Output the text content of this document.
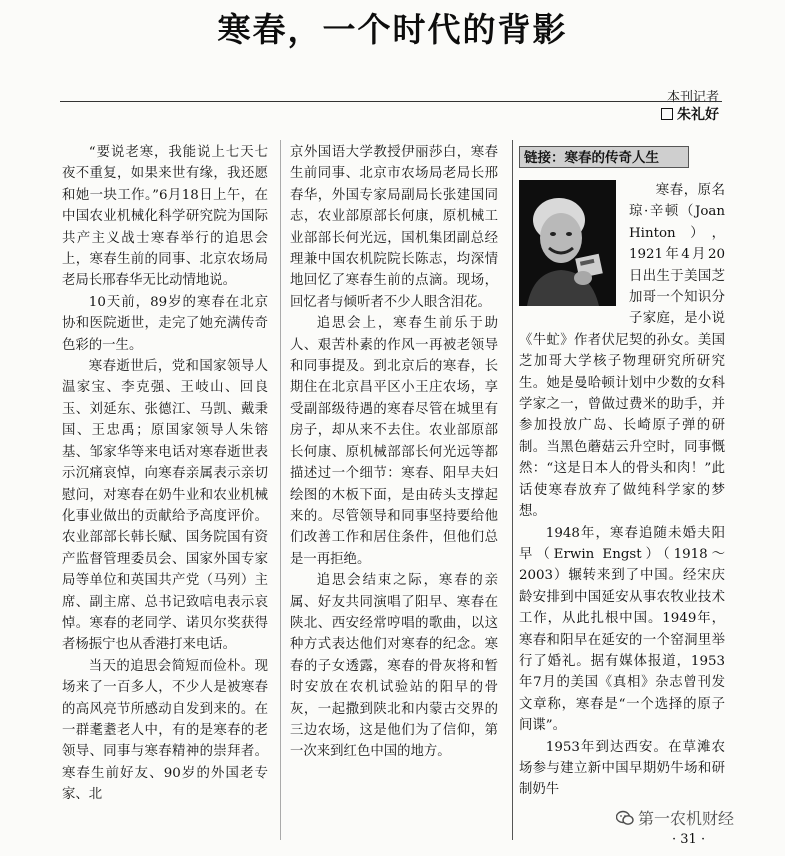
寒春，一个时代的背影
本刊记者
朱礼好

“要说老寒，我能说上七天七夜不重复，如果来世有缘，我还愿和她一块工作。”6月18日上午，在中国农业机械化科学研究院为国际共产主义战士寒春举行的追思会上，寒春生前的同事、北京农场局老局长邢春华无比动情地说。

10天前，89岁的寒春在北京协和医院逝世，走完了她充满传奇色彩的一生。

寒春逝世后，党和国家领导人温家宝、李克强、王岐山、回良玉、刘延东、张德江、马凯、戴秉国、王忠禹；原国家领导人朱镕基、邹家华等来电话对寒春逝世表示沉痛哀悼，向寒春亲属表示亲切慰问，对寒春在奶牛业和农业机械化事业做出的贡献给予高度评价。农业部部长韩长赋、国务院国有资产监督管理委员会、国家外国专家局等单位和英国共产党（马列）主席、副主席、总书记致唁电表示哀悼。寒春的老同学、诺贝尔奖获得者杨振宁也从香港打来电话。

当天的追思会简短而俭朴。现场来了一百多人，不少人是被寒春的高风亮节所感动自发到来的。在一群耄耋老人中，有的是寒春的老领导、同事与寒春精神的崇拜者。寒春生前好友、90岁的外国老专家、北

京外国语大学教授伊丽莎白，寒春生前同事、北京市农场局老局长邢春华，外国专家局副局长张建国同志，农业部原部长何康，原机械工业部部长何光远，国机集团副总经理兼中国农机院院长陈志，均深情地回忆了寒春生前的点滴。现场，回忆者与倾听者不少人眼含泪花。

追思会上，寒春生前乐于助人、艰苦朴素的作风一再被老领导和同事提及。到北京后的寒春，长期住在北京昌平区小王庄农场，享受副部级待遇的寒春尽管在城里有房子，却从来不去住。农业部原部长何康、原机械部部长何光远等都描述过一个细节：寒春、阳早夫妇绘图的木板下面，是由砖头支撑起来的。尽管领导和同事坚持要给他们改善工作和居住条件，但他们总是一再拒绝。

追思会结束之际，寒春的亲属、好友共同演唱了阳早、寒春在陕北、西安经常哼唱的歌曲，以这种方式表达他们对寒春的纪念。寒春的子女透露，寒春的骨灰将和暂时安放在农机试验站的阳早的骨灰，一起撒到陕北和内蒙古交界的三边农场，这是他们为了信仰，第一次来到红色中国的地方。

链接：寒春的传奇人生

寒春，原名琼·辛顿（Joan Hinton），1921年4月20日出生于美国芝加哥一个知识分子家庭，是小说《牛虻》作者伏尼契的孙女。美国芝加哥大学核子物理研究所研究生。她是曼哈顿计划中少数的女科学家之一，曾做过费米的助手，并参加投放广岛、长崎原子弹的研制。当黑色蘑菇云升空时，同事慨然：“这是日本人的骨头和肉！”此话使寒春放弃了做纯科学家的梦想。

1948年，寒春追随未婚夫阳早（Erwin Engst）（1918～2003）辗转来到了中国。经宋庆龄安排到中国延安从事农牧业技术工作，从此扎根中国。1949年，寒春和阳早在延安的一个窑洞里举行了婚礼。据有媒体报道，1953年7月的美国《真相》杂志曾刊发文章称，寒春是“一个选择的原子间谍”。

1953年到达西安。在草滩农场参与建立新中国早期奶牛场和研制奶牛

第一农机财经
· 31 ·
